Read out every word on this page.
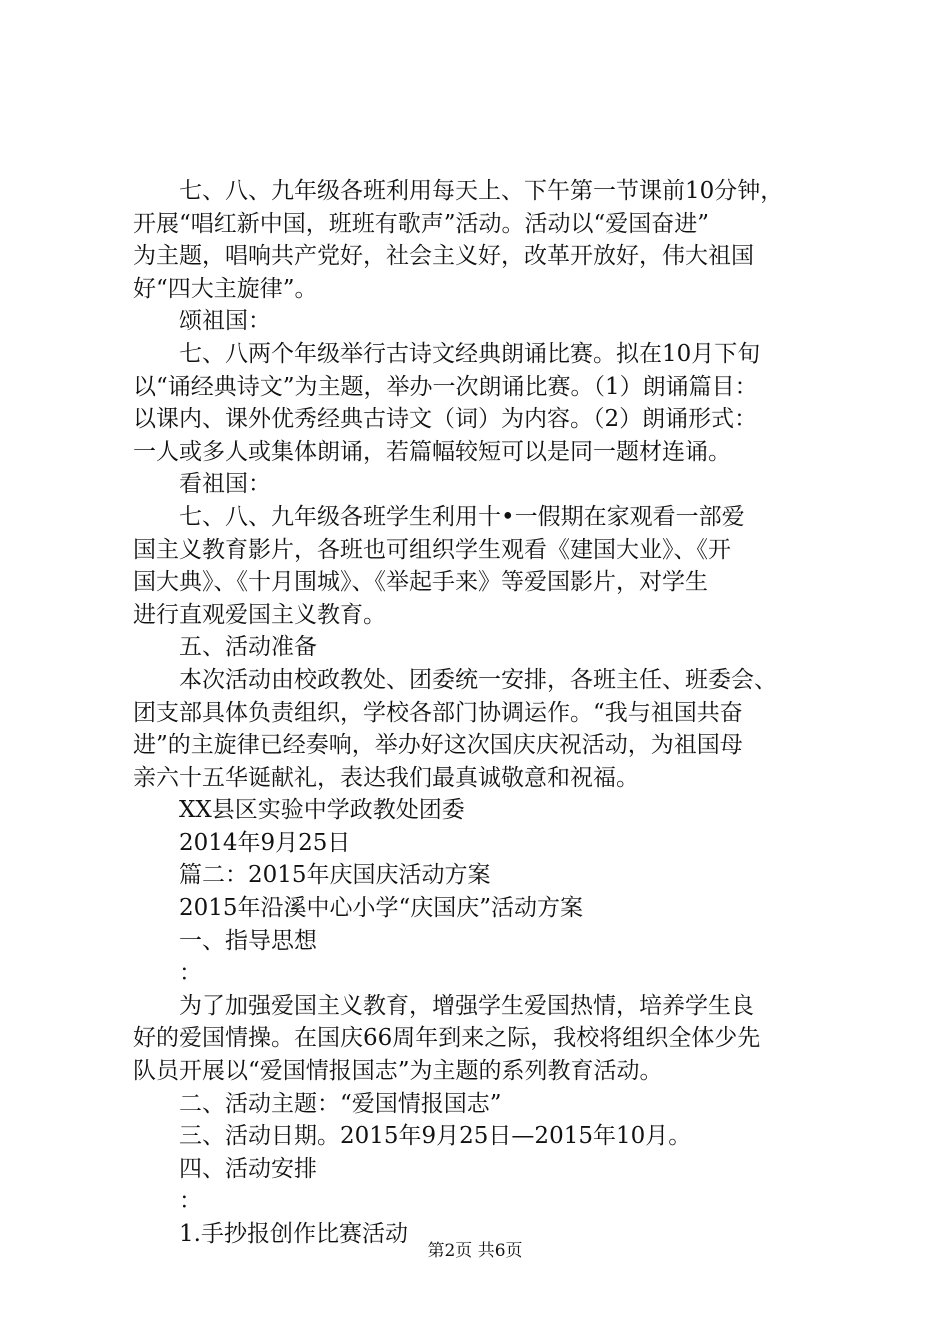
七、八、九年级各班利用每天上、下午第一节课前10分钟，
开展“唱红新中国，班班有歌声”活动。活动以“爱国奋进”
为主题，唱响共产党好，社会主义好，改革开放好，伟大祖国
好“四大主旋律”。
颂祖国：
七、八两个年级举行古诗文经典朗诵比赛。拟在10月下旬
以“诵经典诗文”为主题，举办一次朗诵比赛。（1）朗诵篇目：
以课内、课外优秀经典古诗文（词）为内容。（2）朗诵形式：
一人或多人或集体朗诵，若篇幅较短可以是同一题材连诵。
看祖国：
七、八、九年级各班学生利用十•一假期在家观看一部爱
国主义教育影片，各班也可组织学生观看《建国大业》、《开
国大典》、《十月围城》、《举起手来》等爱国影片，对学生
进行直观爱国主义教育。
五、活动准备
本次活动由校政教处、团委统一安排，各班主任、班委会、
团支部具体负责组织，学校各部门协调运作。“我与祖国共奋
进”的主旋律已经奏响，举办好这次国庆庆祝活动，为祖国母
亲六十五华诞献礼，表达我们最真诚敬意和祝福。
XX县区实验中学政教处团委
2014年9月25日
篇二：2015年庆国庆活动方案
2015年沿溪中心小学“庆国庆”活动方案
一、指导思想
：
为了加强爱国主义教育，增强学生爱国热情，培养学生良
好的爱国情操。在国庆66周年到来之际，我校将组织全体少先
队员开展以“爱国情报国志”为主题的系列教育活动。
二、活动主题：“爱国情报国志”
三、活动日期。2015年9月25日—2015年10月。
四、活动安排
：
1.手抄报创作比赛活动
第2页 共6页
